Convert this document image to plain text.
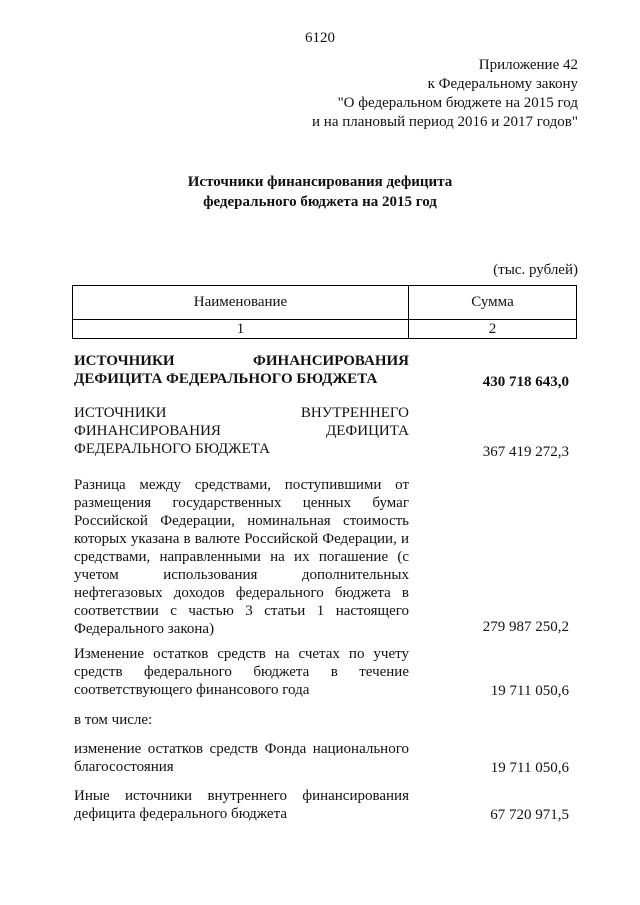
6120
Приложение 42
к Федеральному закону
"О федеральном бюджете на 2015 год
и на плановый период 2016 и 2017 годов"
Источники финансирования дефицита
федерального бюджета на 2015 год
(тыс. рублей)
Наименование	Сумма
1	2
ИСТОЧНИКИ ФИНАНСИРОВАНИЯ ДЕФИЦИТА ФЕДЕРАЛЬНОГО БЮДЖЕТА	430 718 643,0
ИСТОЧНИКИ ВНУТРЕННЕГО ФИНАНСИРОВАНИЯ ДЕФИЦИТА ФЕДЕРАЛЬНОГО БЮДЖЕТА	367 419 272,3
Разница между средствами, поступившими от размещения государственных ценных бумаг Российской Федерации, номинальная стоимость которых указана в валюте Российской Федерации, и средствами, направленными на их погашение (с учетом использования дополнительных нефтегазовых доходов федерального бюджета в соответствии с частью 3 статьи 1 настоящего Федерального закона)	279 987 250,2
Изменение остатков средств на счетах по учету средств федерального бюджета в течение соответствующего финансового года	19 711 050,6
в том числе:
изменение остатков средств Фонда национального благосостояния	19 711 050,6
Иные источники внутреннего финансирования дефицита федерального бюджета	67 720 971,5
